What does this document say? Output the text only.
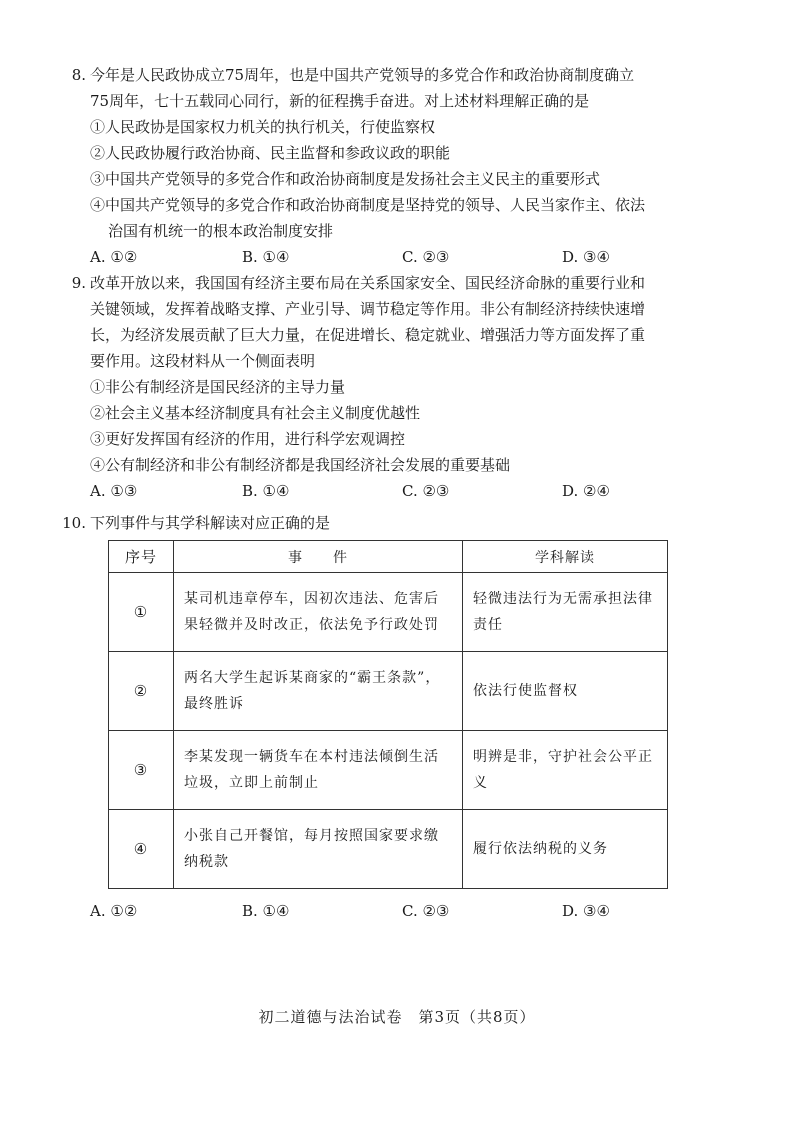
8. 今年是人民政协成立75周年，也是中国共产党领导的多党合作和政治协商制度确立
75周年，七十五载同心同行，新的征程携手奋进。对上述材料理解正确的是
①人民政协是国家权力机关的执行机关，行使监察权
②人民政协履行政治协商、民主监督和参政议政的职能
③中国共产党领导的多党合作和政治协商制度是发扬社会主义民主的重要形式
④中国共产党领导的多党合作和政治协商制度是坚持党的领导、人民当家作主、依法
治国有机统一的根本政治制度安排
A. ①②	B. ①④	C. ②③	D. ③④
9. 改革开放以来，我国国有经济主要布局在关系国家安全、国民经济命脉的重要行业和
关键领域，发挥着战略支撑、产业引导、调节稳定等作用。非公有制经济持续快速增
长，为经济发展贡献了巨大力量，在促进增长、稳定就业、增强活力等方面发挥了重
要作用。这段材料从一个侧面表明
①非公有制经济是国民经济的主导力量
②社会主义基本经济制度具有社会主义制度优越性
③更好发挥国有经济的作用，进行科学宏观调控
④公有制经济和非公有制经济都是我国经济社会发展的重要基础
A. ①③	B. ①④	C. ②③	D. ②④
10. 下列事件与其学科解读对应正确的是
序号	事　　件	学科解读
①	某司机违章停车，因初次违法、危害后果轻微并及时改正，依法免予行政处罚	轻微违法行为无需承担法律责任
②	两名大学生起诉某商家的“霸王条款”，最终胜诉	依法行使监督权
③	李某发现一辆货车在本村违法倾倒生活垃圾，立即上前制止	明辨是非，守护社会公平正义
④	小张自己开餐馆，每月按照国家要求缴纳税款	履行依法纳税的义务
A. ①②	B. ①④	C. ②③	D. ③④
初二道德与法治试卷　第3页（共8页）
